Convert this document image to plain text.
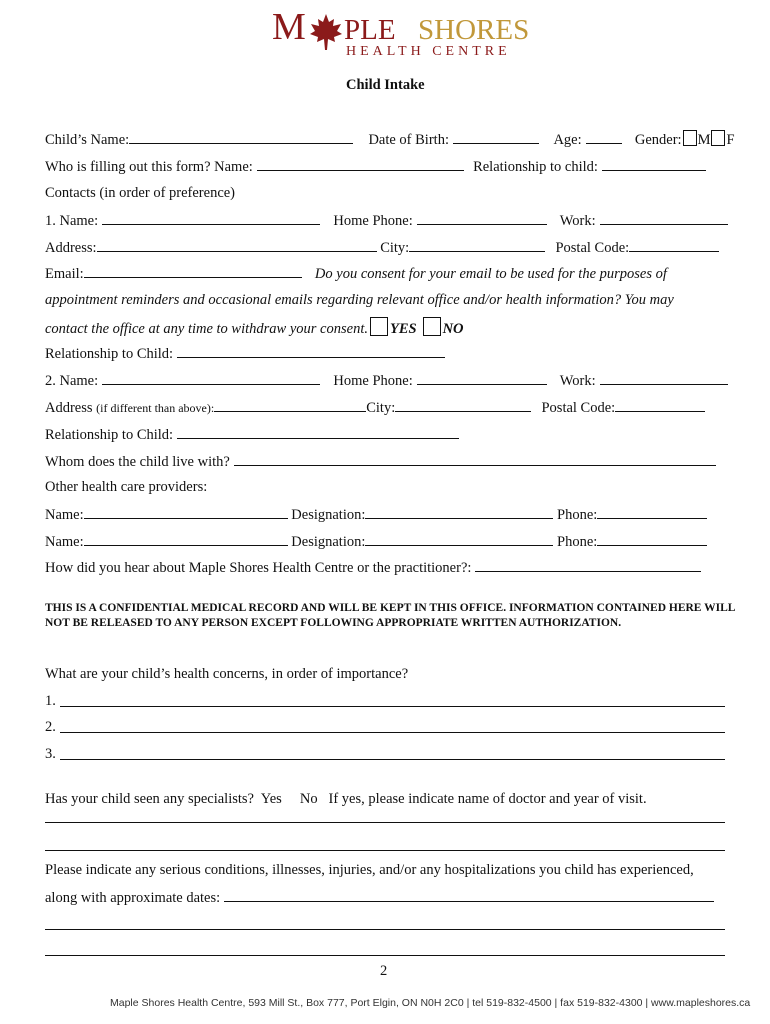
M PLE SHORES
HEALTH CENTRE
Child Intake
Child’s Name:	Date of Birth:	Age:	Gender: M F
Who is filling out this form? Name:	Relationship to child:
Contacts (in order of preference)
1. Name:	Home Phone:	Work:
Address:	City:	Postal Code:
Email:	Do you consent for your email to be used for the purposes of
appointment reminders and occasional emails regarding relevant office and/or health information? You may
contact the office at any time to withdraw your consent. YES NO
Relationship to Child:
2. Name:	Home Phone:	Work:
Address (if different than above):	City:	Postal Code:
Relationship to Child:
Whom does the child live with?
Other health care providers:
Name:	Designation:	Phone:
Name:	Designation:	Phone:
How did you hear about Maple Shores Health Centre or the practitioner?:
THIS IS A CONFIDENTIAL MEDICAL RECORD AND WILL BE KEPT IN THIS OFFICE. INFORMATION CONTAINED HERE WILL NOT BE RELEASED TO ANY PERSON EXCEPT FOLLOWING APPROPRIATE WRITTEN AUTHORIZATION.
What are your child’s health concerns, in order of importance?
1.
2.
3.
Has your child seen any specialists?  Yes     No   If yes, please indicate name of doctor and year of visit.
Please indicate any serious conditions, illnesses, injuries, and/or any hospitalizations you child has experienced,
along with approximate dates:
2
Maple Shores Health Centre, 593 Mill St., Box 777, Port Elgin, ON N0H 2C0 | tel 519-832-4500 | fax 519-832-4300 | www.mapleshores.ca
